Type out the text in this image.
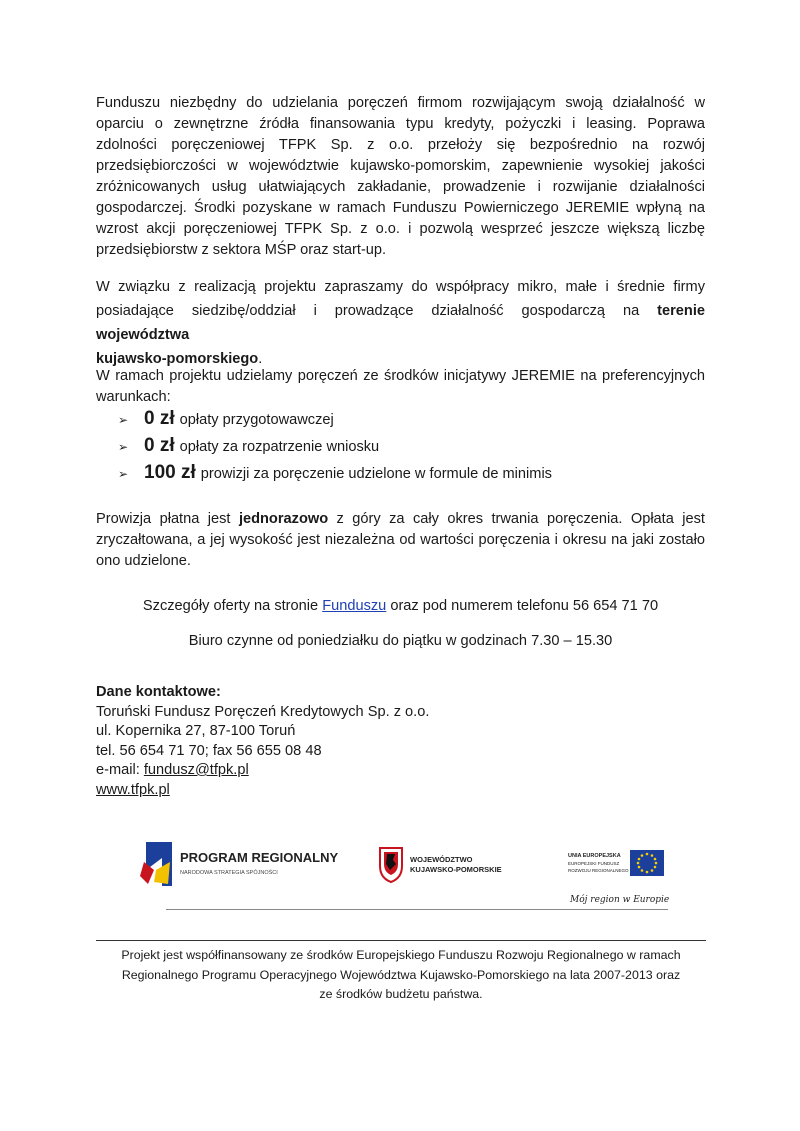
Funduszu niezbędny do udzielania poręczeń firmom rozwijającym swoją działalność w
oparciu o zewnętrzne źródła finansowania typu kredyty, pożyczki i leasing. Poprawa
zdolności poręczeniowej TFPK Sp. z o.o. przełoży się bezpośrednio na rozwój
przedsiębiorczości w województwie kujawsko-pomorskim, zapewnienie wysokiej jakości
zróżnicowanych usług ułatwiających zakładanie, prowadzenie i rozwijanie działalności
gospodarczej. Środki pozyskane w ramach Funduszu Powierniczego JEREMIE wpłyną na
wzrost akcji poręczeniowej TFPK Sp. z o.o. i pozwolą wesprzeć jeszcze większą liczbę
przedsiębiorstw z sektora MŚP oraz start-up.
W związku z realizacją projektu zapraszamy do współpracy mikro, małe i średnie firmy
posiadające siedzibę/oddział i prowadzące działalność gospodarczą na terenie województwa
kujawsko-pomorskiego.
W ramach projektu udzielamy poręczeń ze środków inicjatywy JEREMIE na preferencyjnych
warunkach:
➢ 0 zł opłaty przygotowawczej
➢ 0 zł opłaty za rozpatrzenie wniosku
➢ 100 zł prowizji za poręczenie udzielone w formule de minimis
Prowizja płatna jest jednorazowo z góry za cały okres trwania poręczenia. Opłata jest
zryczałtowana, a jej wysokość jest niezależna od wartości poręczenia i okresu na jaki zostało
ono udzielone.
Szczegóły oferty na stronie Funduszu oraz pod numerem telefonu 56 654 71 70
Biuro czynne od poniedziałku do piątku w godzinach 7.30 – 15.30
Dane kontaktowe:
Toruński Fundusz Poręczeń Kredytowych Sp. z o.o.
ul. Kopernika 27, 87-100 Toruń
tel. 56 654 71 70; fax 56 655 08 48
e-mail: fundusz@tfpk.pl
www.tfpk.pl
PROGRAM REGIONALNY
NARODOWA STRATEGIA SPÓJNOŚCI
WOJEWÓDZTWO
KUJAWSKO-POMORSKIE
UNIA EUROPEJSKA
EUROPEJSKI FUNDUSZ
ROZWOJU REGIONALNEGO
Mój region w Europie
Projekt jest współfinansowany ze środków Europejskiego Funduszu Rozwoju Regionalnego w ramach
Regionalnego Programu Operacyjnego Województwa Kujawsko-Pomorskiego na lata 2007-2013 oraz
ze środków budżetu państwa.
